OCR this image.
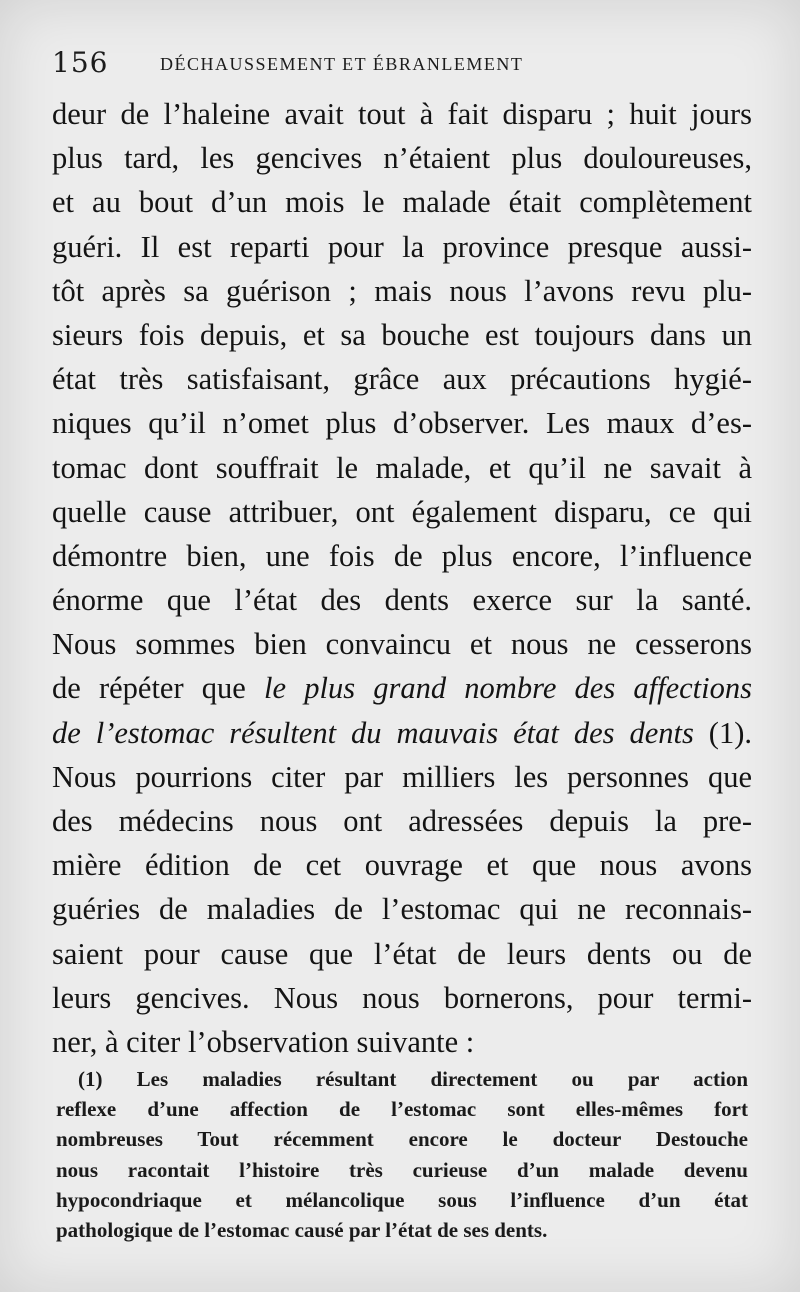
156	DÉCHAUSSEMENT ET ÉBRANLEMENT
deur de l’haleine avait tout à fait disparu ; huit jours
plus tard, les gencives n’étaient plus douloureuses,
et au bout d’un mois le malade était complètement
guéri. Il est reparti pour la province presque aussi-
tôt après sa guérison ; mais nous l’avons revu plu-
sieurs fois depuis, et sa bouche est toujours dans un
état très satisfaisant, grâce aux précautions hygié-
niques qu’il n’omet plus d’observer. Les maux d’es-
tomac dont souffrait le malade, et qu’il ne savait à
quelle cause attribuer, ont également disparu, ce qui
démontre bien, une fois de plus encore, l’influence
énorme que l’état des dents exerce sur la santé.
Nous sommes bien convaincu et nous ne cesserons
de répéter que le plus grand nombre des affections
de l’estomac résultent du mauvais état des dents (1).
Nous pourrions citer par milliers les personnes que
des médecins nous ont adressées depuis la pre-
mière édition de cet ouvrage et que nous avons
guéries de maladies de l’estomac qui ne reconnais-
saient pour cause que l’état de leurs dents ou de
leurs gencives. Nous nous bornerons, pour termi-
ner, à citer l’observation suivante :
(1) Les maladies résultant directement ou par action
reflexe d’une affection de l’estomac sont elles-mêmes fort
nombreuses Tout récemment encore le docteur Destouche
nous racontait l’histoire très curieuse d’un malade devenu
hypocondriaque et mélancolique sous l’influence d’un état
pathologique de l’estomac causé par l’état de ses dents.
